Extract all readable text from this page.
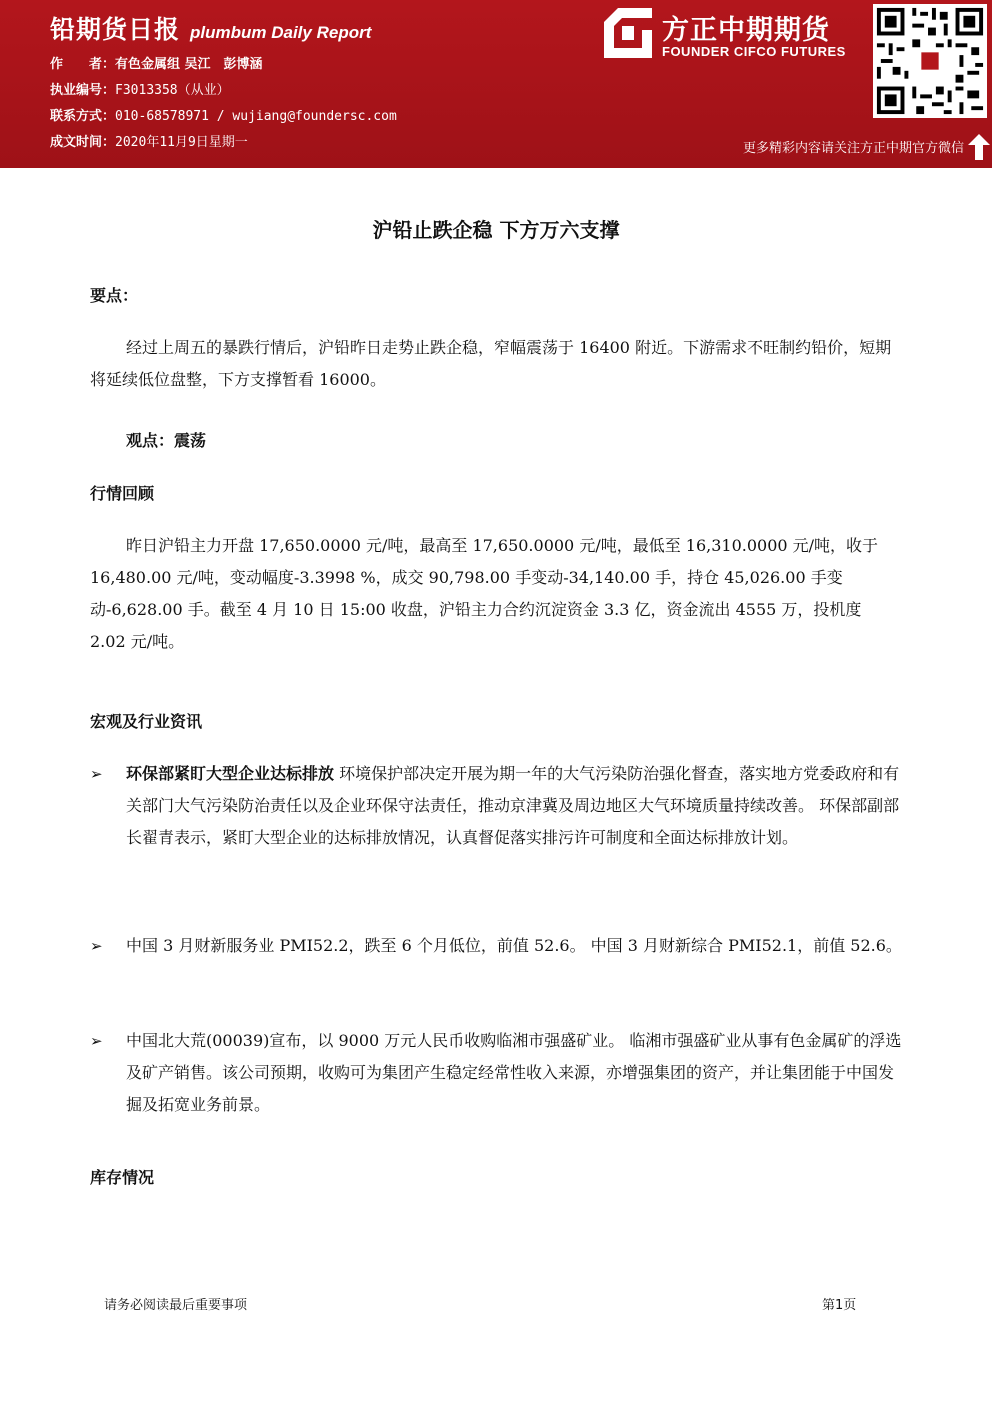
铅期货日报 plumbum Daily Report
作　　者： 有色金属组 吴江　彭博涵
执业编号： F3013358（从业）
联系方式： 010-68578971 / wujiang@foundersc.com
成文时间： 2020年11月9日星期一
方正中期期货
FOUNDER CIFCO FUTURES
更多精彩内容请关注方正中期官方微信
沪铅止跌企稳 下方万六支撑
要点：
经过上周五的暴跌行情后，沪铅昨日走势止跌企稳，窄幅震荡于 16400 附近。下游需求不旺制约铅价，短期将延续低位盘整，下方支撑暂看 16000。
观点：震荡
行情回顾
昨日沪铅主力开盘 17,650.0000 元/吨，最高至 17,650.0000 元/吨，最低至 16,310.0000 元/吨，收于 16,480.00 元/吨，变动幅度-3.3998 %，成交 90,798.00 手变动-34,140.00 手，持仓 45,026.00 手变动-6,628.00 手。截至 4 月 10 日 15:00 收盘，沪铅主力合约沉淀资金 3.3 亿，资金流出 4555 万，投机度 2.02 元/吨。
宏观及行业资讯
➢	环保部紧盯大型企业达标排放 环境保护部决定开展为期一年的大气污染防治强化督查，落实地方党委政府和有关部门大气污染防治责任以及企业环保守法责任，推动京津冀及周边地区大气环境质量持续改善。 环保部副部长翟青表示，紧盯大型企业的达标排放情况，认真督促落实排污许可制度和全面达标排放计划。
➢	中国 3 月财新服务业 PMI52.2，跌至 6 个月低位，前值 52.6。 中国 3 月财新综合 PMI52.1，前值 52.6。
➢	中国北大荒(00039)宣布，以 9000 万元人民币收购临湘市强盛矿业。 临湘市强盛矿业从事有色金属矿的浮选及矿产销售。该公司预期，收购可为集团产生稳定经常性收入来源，亦增强集团的资产，并让集团能于中国发掘及拓宽业务前景。
库存情况
请务必阅读最后重要事项	第1页
